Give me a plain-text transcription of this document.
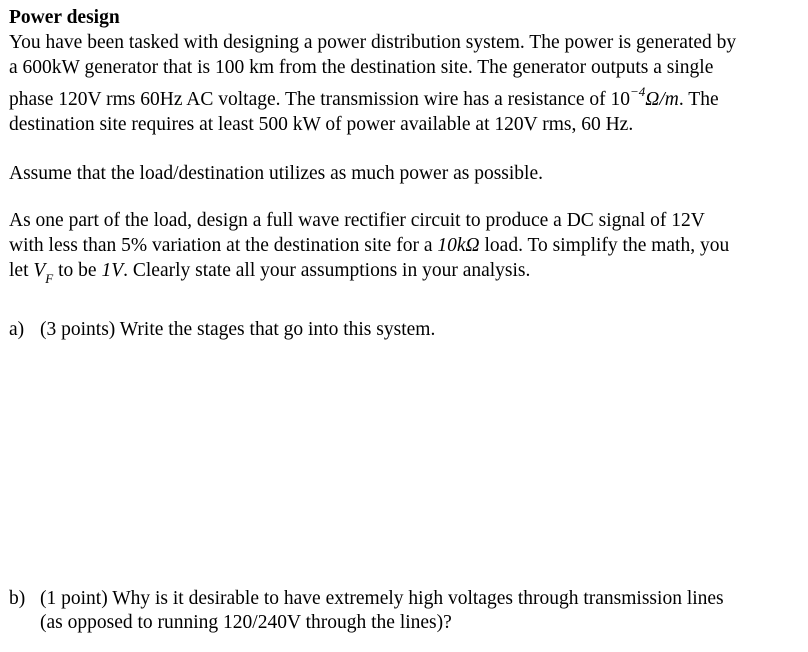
Power design
You have been tasked with designing a power distribution system. The power is generated by
a 600kW generator that is 100 km from the destination site. The generator outputs a single
phase 120V rms 60Hz AC voltage. The transmission wire has a resistance of $10^{-4}\Omega/m$. The
destination site requires at least 500 kW of power available at 120V rms, 60 Hz.
Assume that the load/destination utilizes as much power as possible.
As one part of the load, design a full wave rectifier circuit to produce a DC signal of 12V
with less than 5% variation at the destination site for a 10kΩ load. To simplify the math, you
let $V_F$ to be 1V. Clearly state all your assumptions in your analysis.
a) (3 points) Write the stages that go into this system.
b) (1 point) Why is it desirable to have extremely high voltages through transmission lines
(as opposed to running 120/240V through the lines)?
